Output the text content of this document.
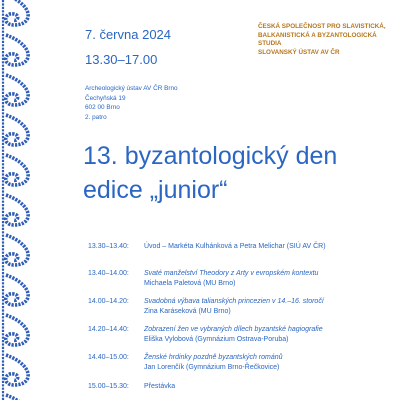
7. června 2024
13.30–17.00
ČESKÁ SPOLEČNOST PRO SLAVISTICKÁ,
BALKANISTICKÁ A BYZANTOLOGICKÁ
STUDIA
SLOVANSKÝ ÚSTAV AV ČR
Archeologický ústav AV ČR Brno
Čechyňská 19
602 00 Brno
2. patro
13. byzantologický den
edice „junior“
13.30–13.40:	Úvod – Markéta Kulhánková a Petra Melichar (SIÚ AV ČR)
13.40–14.00:	Svaté manželství Theodory z Arty v evropském kontextu
Michaela Paletová (MU Brno)
14.00–14.20:	Svadobná výbava talianských princezien v 14.–16. storočí
Zina Karáseková (MU Brno)
14.20–14.40:	Zobrazení žen ve vybraných dílech byzantské hagiografie
Eliška Vylobová (Gymnázium Ostrava-Poruba)
14.40–15.00:	Ženské hrdinky pozdně byzantských románů
Jan Lorenčík (Gymnázium Brno-Řečkovice)
15.00–15.30:	Přestávka
